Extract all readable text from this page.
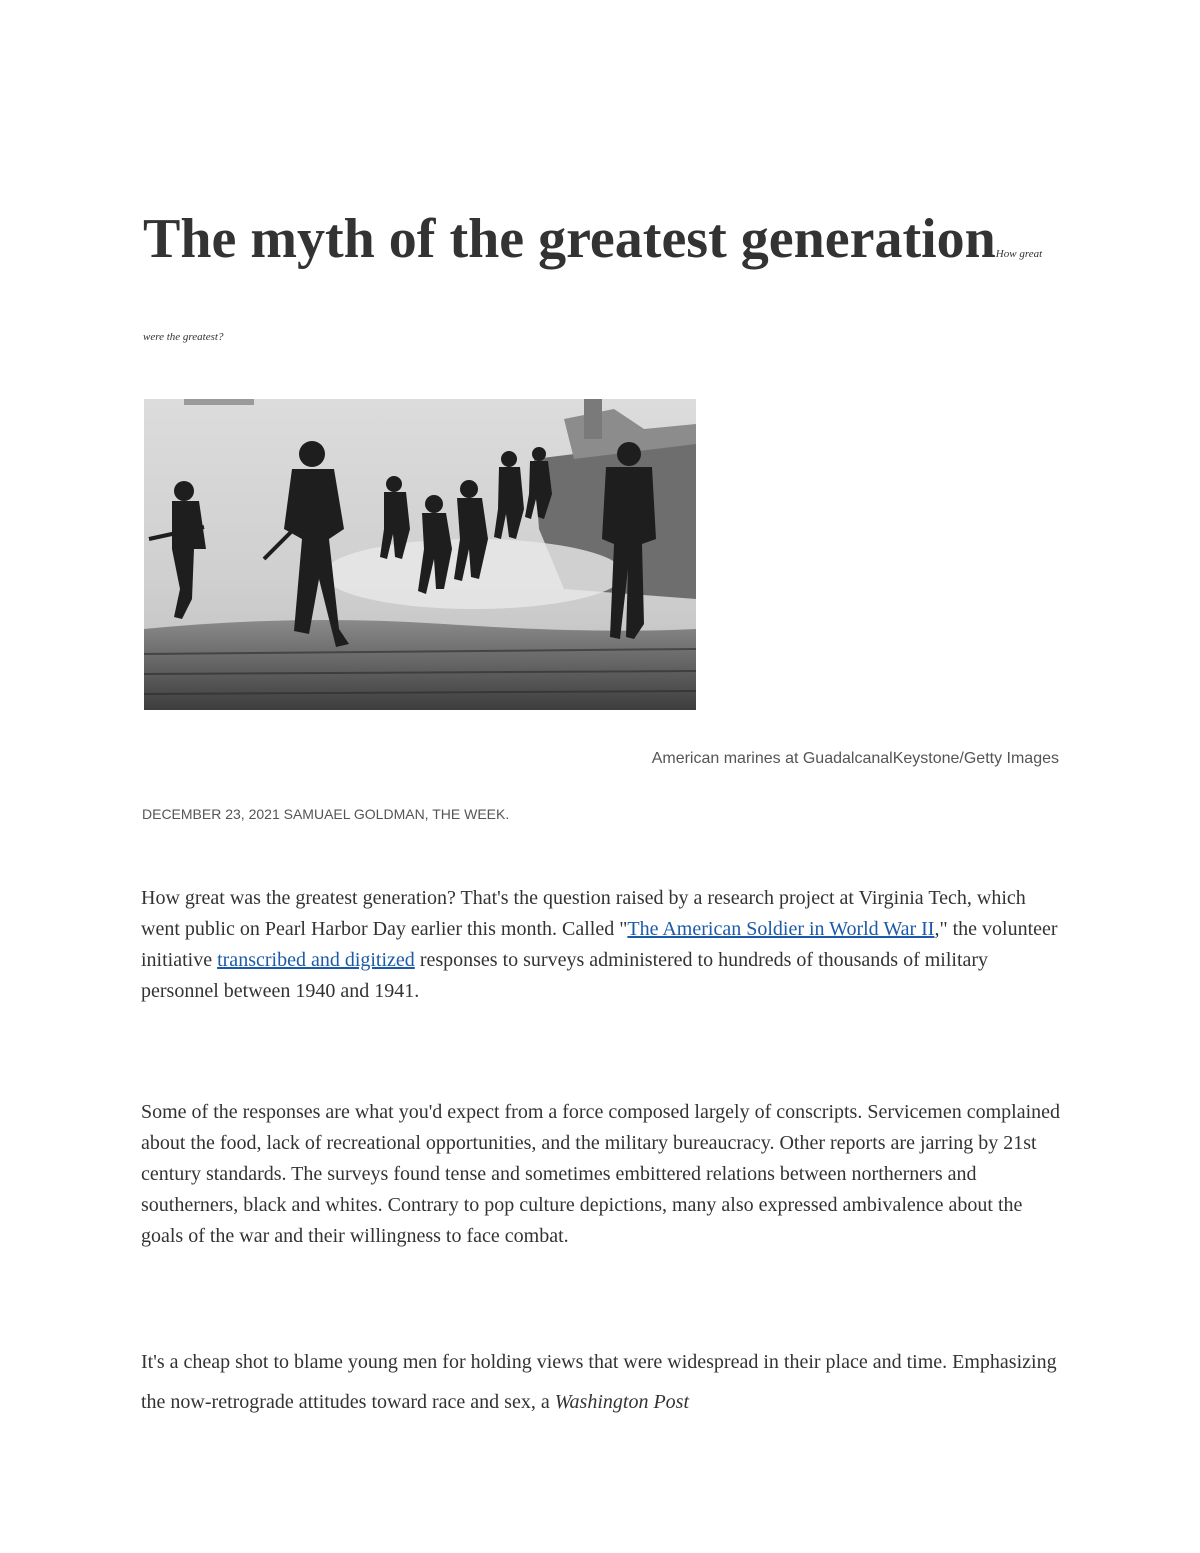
The myth of the greatest generationHow great were the greatest?
American marines at GuadalcanalKeystone/Getty Images
DECEMBER 23, 2021 SAMUAEL GOLDMAN, THE WEEK.

How great was the greatest generation? That's the question raised by a research project at Virginia Tech, which went public on Pearl Harbor Day earlier this month. Called "The American Soldier in World War II," the volunteer initiative transcribed and digitized responses to surveys administered to hundreds of thousands of military personnel between 1940 and 1941.

Some of the responses are what you'd expect from a force composed largely of conscripts. Servicemen complained about the food, lack of recreational opportunities, and the military bureaucracy. Other reports are jarring by 21st century standards. The surveys found tense and sometimes embittered relations between northerners and southerners, black and whites. Contrary to pop culture depictions, many also expressed ambivalence about the goals of the war and their willingness to face combat.

It's a cheap shot to blame young men for holding views that were widespread in their place and time. Emphasizing the now-retrograde attitudes toward race and sex, a Washington Post
